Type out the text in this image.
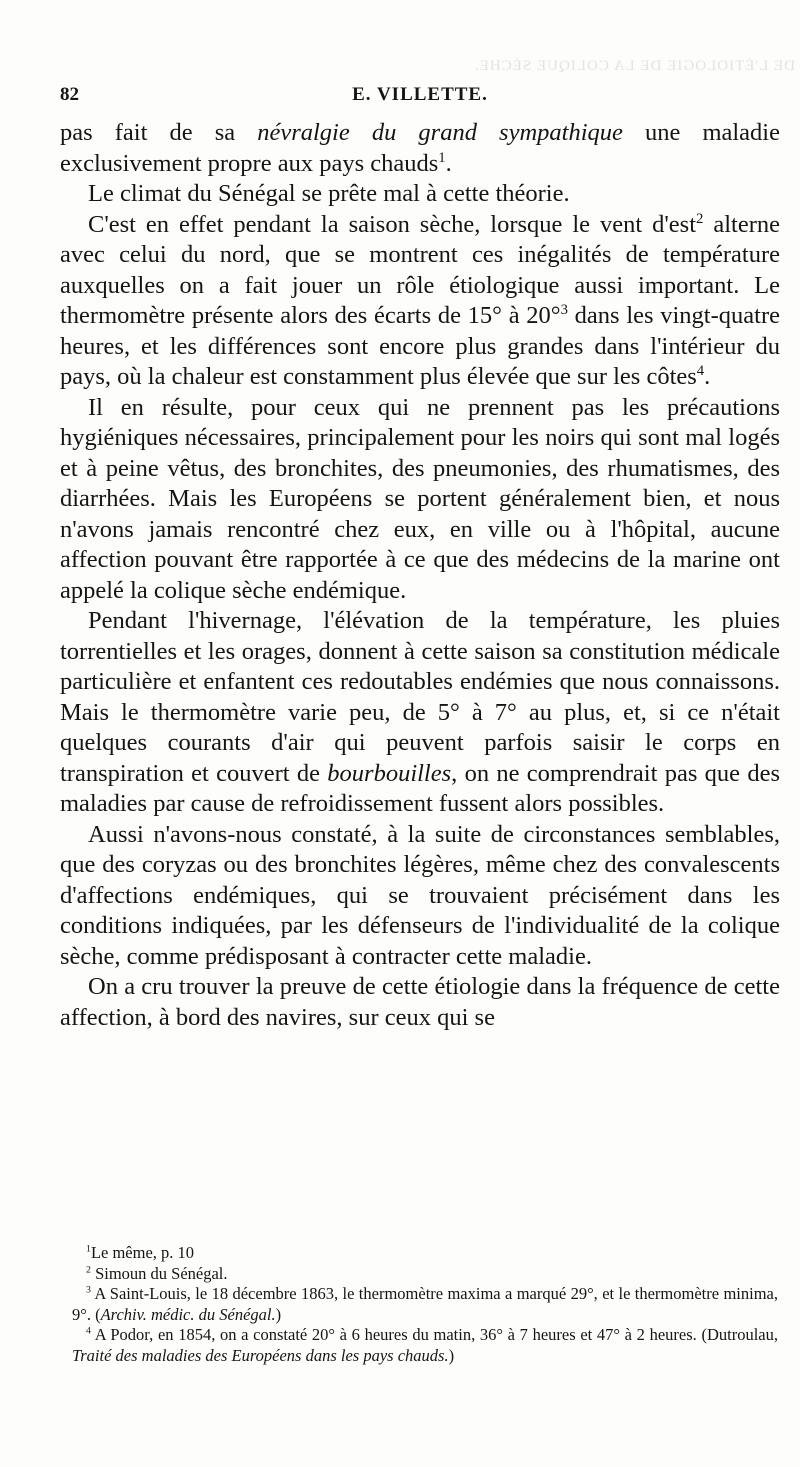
DE L'ÉTIOLOGIE DE LA COLIQUE SÈCHE.
82	E. VILLETTE.

pas fait de sa névralgie du grand sympathique une maladie exclusivement propre aux pays chauds$^1$.

Le climat du Sénégal se prête mal à cette théorie.

C'est en effet pendant la saison sèche, lorsque le vent d'est$^2$ alterne avec celui du nord, que se montrent ces inégalités de température auxquelles on a fait jouer un rôle étiologique aussi important. Le thermomètre présente alors des écarts de 15° à 20°$^3$ dans les vingt-quatre heures, et les différences sont encore plus grandes dans l'intérieur du pays, où la chaleur est constamment plus élevée que sur les côtes$^4$.

Il en résulte, pour ceux qui ne prennent pas les précautions hygiéniques nécessaires, principalement pour les noirs qui sont mal logés et à peine vêtus, des bronchites, des pneumonies, des rhumatismes, des diarrhées. Mais les Européens se portent généralement bien, et nous n'avons jamais rencontré chez eux, en ville ou à l'hôpital, aucune affection pouvant être rapportée à ce que des médecins de la marine ont appelé la colique sèche endémique.

Pendant l'hivernage, l'élévation de la température, les pluies torrentielles et les orages, donnent à cette saison sa constitution médicale particulière et enfantent ces redoutables endémies que nous connaissons. Mais le thermomètre varie peu, de 5° à 7° au plus, et, si ce n'était quelques courants d'air qui peuvent parfois saisir le corps en transpiration et couvert de bourbouilles, on ne comprendrait pas que des maladies par cause de refroidissement fussent alors possibles.

Aussi n'avons-nous constaté, à la suite de circonstances semblables, que des coryzas ou des bronchites légères, même chez des convalescents d'affections endémiques, qui se trouvaient précisément dans les conditions indiquées, par les défenseurs de l'individualité de la colique sèche, comme prédisposant à contracter cette maladie.

On a cru trouver la preuve de cette étiologie dans la fréquence de cette affection, à bord des navires, sur ceux qui se

$^1$Le même, p. 10

$^2$ Simoun du Sénégal.

$^3$ A Saint-Louis, le 18 décembre 1863, le thermomètre maxima a marqué 29°, et le thermomètre minima, 9°. (Archiv. médic. du Sénégal.)

$^4$ A Podor, en 1854, on a constaté 20° à 6 heures du matin, 36° à 7 heures et 47° à 2 heures. (Dutroulau, Traité des maladies des Européens dans les pays chauds.)
